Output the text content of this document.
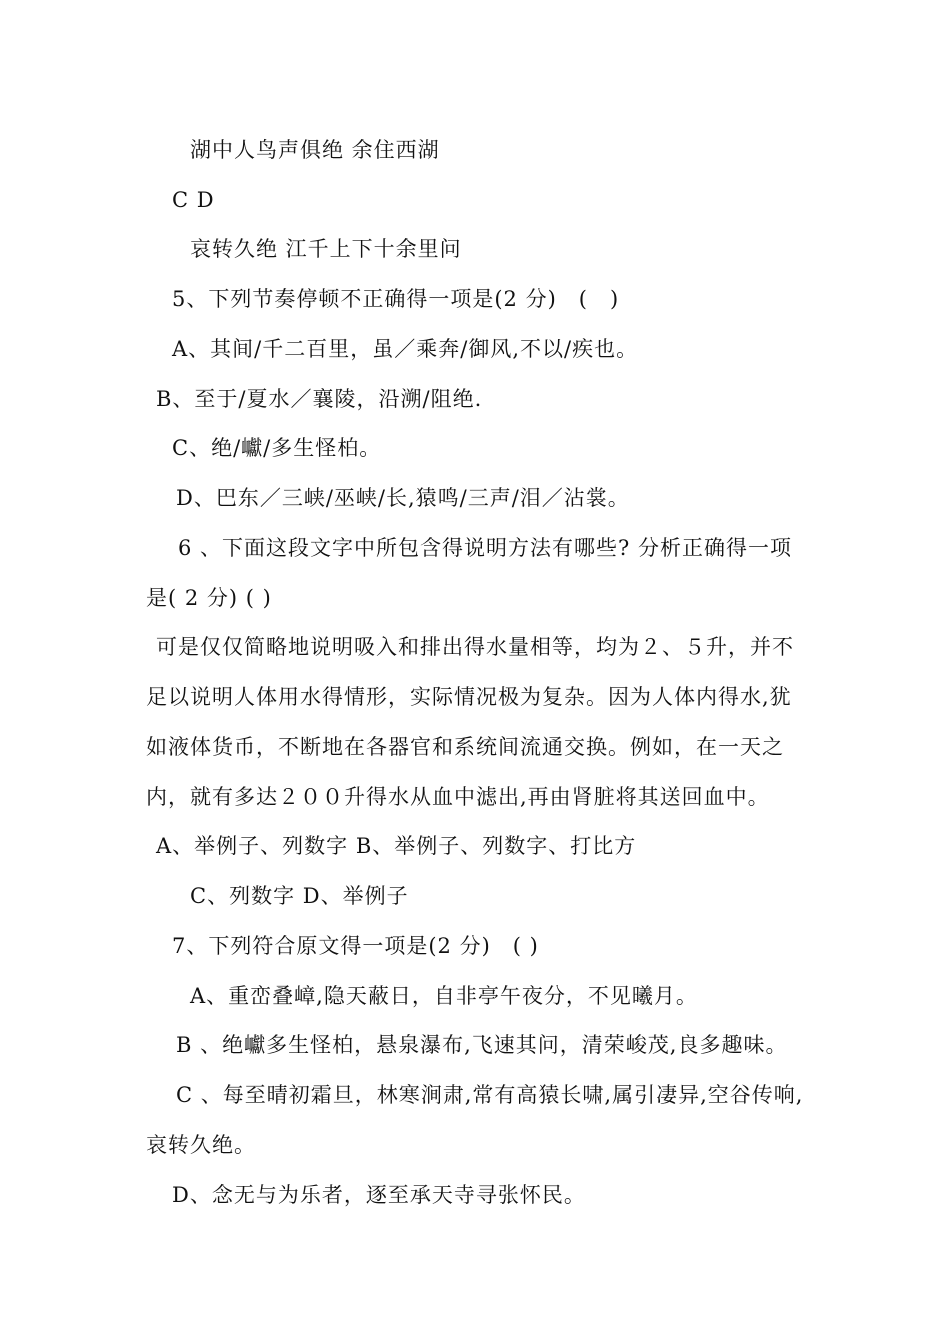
湖中人鸟声俱绝 余住西湖
C D
哀转久绝 江千上下十余里问
5、下列节奏停顿不正确得一项是(2 分)　(　)
A、其间/千二百里，虽／乘奔/御风,不以/疾也。
B、至于/夏水／襄陵，沿溯/阻绝.
C、绝/巘/多生怪柏。
D、巴东／三峡/巫峡/长,猿鸣/三声/泪／沾裳。
6 、下面这段文字中所包含得说明方法有哪些? 分析正确得一项
是( 2 分) ( )
可是仅仅简略地说明吸入和排出得水量相等，均为２、５升，并不
足以说明人体用水得情形，实际情况极为复杂。因为人体内得水,犹
如液体货币，不断地在各器官和系统间流通交换。例如，在一天之
内，就有多达２００升得水从血中滤出,再由肾脏将其送回血中。
A、举例子、列数字 B、举例子、列数字、打比方
C、列数字 D、举例子
7、下列符合原文得一项是(2 分)　( )
A、重峦叠嶂,隐天蔽日，自非亭午夜分，不见曦月。
B 、绝巘多生怪柏，悬泉瀑布,飞速其问，清荣峻茂,良多趣味。
C 、每至晴初霜旦，林寒涧肃,常有高猿长啸,属引凄异,空谷传响,
哀转久绝。
D、念无与为乐者，逐至承天寺寻张怀民。
